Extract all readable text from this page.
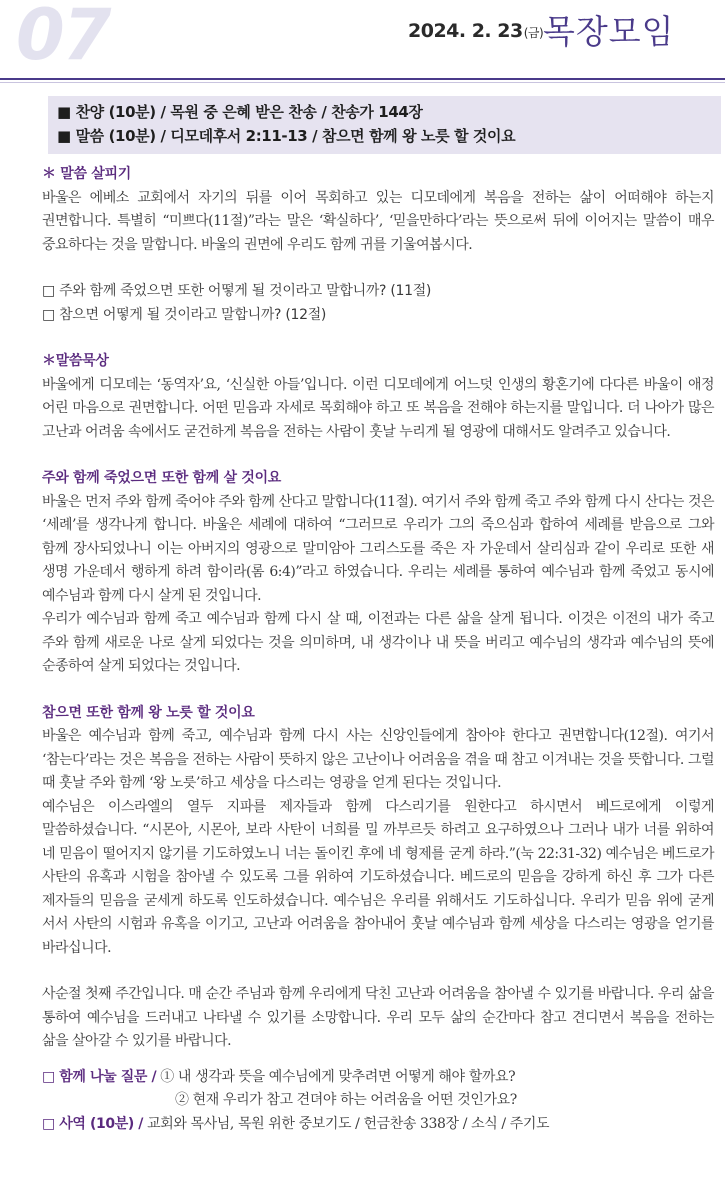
07	2024. 2. 23(금) 목장모임
■ 찬양 (10분) / 목원 중 은혜 받은 찬송 / 찬송가 144장
■ 말씀 (10분) / 디모데후서 2:11-13 / 참으면 함께 왕 노릇 할 것이요
＊ 말씀 살피기
바울은 에베소 교회에서 자기의 뒤를 이어 목회하고 있는 디모데에게 복음을 전하는 삶이 어떠해야 하는지 권면합니다. 특별히 “미쁘다(11절)”라는 말은 ‘확실하다’, ‘믿을만하다’라는 뜻으로써 뒤에 이어지는 말씀이 매우 중요하다는 것을 말합니다. 바울의 권면에 우리도 함께 귀를 기울여봅시다.
□ 주와 함께 죽었으면 또한 어떻게 될 것이라고 말합니까? (11절)
□ 참으면 어떻게 될 것이라고 말합니까? (12절)
＊말씀묵상
바울에게 디모데는 ‘동역자’요, ‘신실한 아들’입니다. 이런 디모데에게 어느덧 인생의 황혼기에 다다른 바울이 애정 어린 마음으로 권면합니다. 어떤 믿음과 자세로 목회해야 하고 또 복음을 전해야 하는지를 말입니다. 더 나아가 많은 고난과 어려움 속에서도 굳건하게 복음을 전하는 사람이 훗날 누리게 될 영광에 대해서도 알려주고 있습니다.
주와 함께 죽었으면 또한 함께 살 것이요
바울은 먼저 주와 함께 죽어야 주와 함께 산다고 말합니다(11절). 여기서 주와 함께 죽고 주와 함께 다시 산다는 것은 ‘세례’를 생각나게 합니다. 바울은 세례에 대하여 “그러므로 우리가 그의 죽으심과 합하여 세례를 받음으로 그와 함께 장사되었나니 이는 아버지의 영광으로 말미암아 그리스도를 죽은 자 가운데서 살리심과 같이 우리로 또한 새 생명 가운데서 행하게 하려 함이라(롬 6:4)”라고 하였습니다. 우리는 세례를 통하여 예수님과 함께 죽었고 동시에 예수님과 함께 다시 살게 된 것입니다.
우리가 예수님과 함께 죽고 예수님과 함께 다시 살 때, 이전과는 다른 삶을 살게 됩니다. 이것은 이전의 내가 죽고 주와 함께 새로운 나로 살게 되었다는 것을 의미하며, 내 생각이나 내 뜻을 버리고 예수님의 생각과 예수님의 뜻에 순종하여 살게 되었다는 것입니다.
참으면 또한 함께 왕 노릇 할 것이요
바울은 예수님과 함께 죽고, 예수님과 함께 다시 사는 신앙인들에게 참아야 한다고 권면합니다(12절). 여기서 ‘참는다’라는 것은 복음을 전하는 사람이 뜻하지 않은 고난이나 어려움을 겪을 때 참고 이겨내는 것을 뜻합니다. 그럴 때 훗날 주와 함께 ‘왕 노릇’하고 세상을 다스리는 영광을 얻게 된다는 것입니다.
예수님은 이스라엘의 열두 지파를 제자들과 함께 다스리기를 원한다고 하시면서 베드로에게 이렇게 말씀하셨습니다. “시몬아, 시몬아, 보라 사탄이 너희를 밀 까부르듯 하려고 요구하였으나 그러나 내가 너를 위하여 네 믿음이 떨어지지 않기를 기도하였노니 너는 돌이킨 후에 네 형제를 굳게 하라.”(눅 22:31-32) 예수님은 베드로가 사탄의 유혹과 시험을 참아낼 수 있도록 그를 위하여 기도하셨습니다. 베드로의 믿음을 강하게 하신 후 그가 다른 제자들의 믿음을 굳세게 하도록 인도하셨습니다. 예수님은 우리를 위해서도 기도하십니다. 우리가 믿음 위에 굳게 서서 사탄의 시험과 유혹을 이기고, 고난과 어려움을 참아내어 훗날 예수님과 함께 세상을 다스리는 영광을 얻기를 바라십니다.
사순절 첫째 주간입니다. 매 순간 주님과 함께 우리에게 닥친 고난과 어려움을 참아낼 수 있기를 바랍니다. 우리 삶을 통하여 예수님을 드러내고 나타낼 수 있기를 소망합니다. 우리 모두 삶의 순간마다 참고 견디면서 복음을 전하는 삶을 살아갈 수 있기를 바랍니다.
□ 함께 나눌 질문 / ① 내 생각과 뜻을 예수님에게 맞추려면 어떻게 해야 할까요?
② 현재 우리가 참고 견뎌야 하는 어려움을 어떤 것인가요?
□ 사역 (10분) / 교회와 목사님, 목원 위한 중보기도 / 헌금찬송 338장 / 소식 / 주기도
